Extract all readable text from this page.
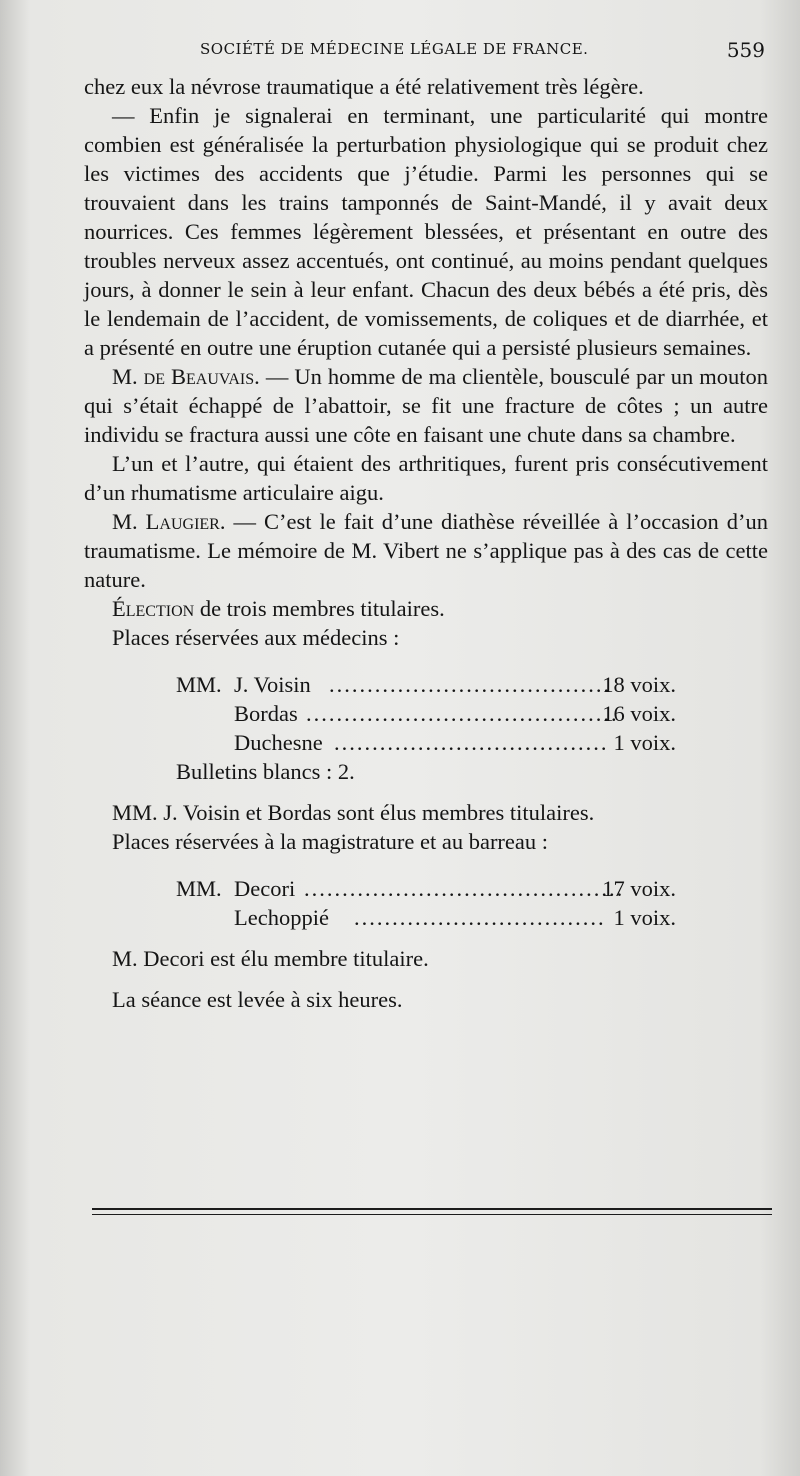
SOCIÉTÉ DE MÉDECINE LÉGALE DE FRANCE.	559

chez eux la névrose traumatique a été relativement très légère.

— Enfin je signalerai en terminant, une particularité qui montre combien est généralisée la perturbation physiologique qui se produit chez les victimes des accidents que j’étudie. Parmi les personnes qui se trouvaient dans les trains tamponnés de Saint-Mandé, il y avait deux nourrices. Ces femmes légèrement blessées, et présentant en outre des troubles nerveux assez accentués, ont continué, au moins pendant quelques jours, à donner le sein à leur enfant. Chacun des deux bébés a été pris, dès le lendemain de l’accident, de vomissements, de coliques et de diarrhée, et a présenté en outre une éruption cutanée qui a persisté plusieurs semaines.

M. de Beauvais. — Un homme de ma clientèle, bousculé par un mouton qui s’était échappé de l’abattoir, se fit une fracture de côtes ; un autre individu se fractura aussi une côte en faisant une chute dans sa chambre.

L’un et l’autre, qui étaient des arthritiques, furent pris consécutivement d’un rhumatisme articulaire aigu.

M. Laugier. — C’est le fait d’une diathèse réveillée à l’occasion d’un traumatisme. Le mémoire de M. Vibert ne s’applique pas à des cas de cette nature.

Élection de trois membres titulaires.

Places réservées aux médecins :

MM. J. Voisin .....................................
18 voix.
Bordas .........................................
16 voix.
Duchesne .................................... 1 voix.

Bulletins blancs : 2.

MM. J. Voisin et Bordas sont élus membres titulaires.

Places réservées à la magistrature et au barreau :

MM. Decori ..........................................
17 voix.
Lechoppié ................................. 1 voix.

M. Decori est élu membre titulaire.

La séance est levée à six heures.
